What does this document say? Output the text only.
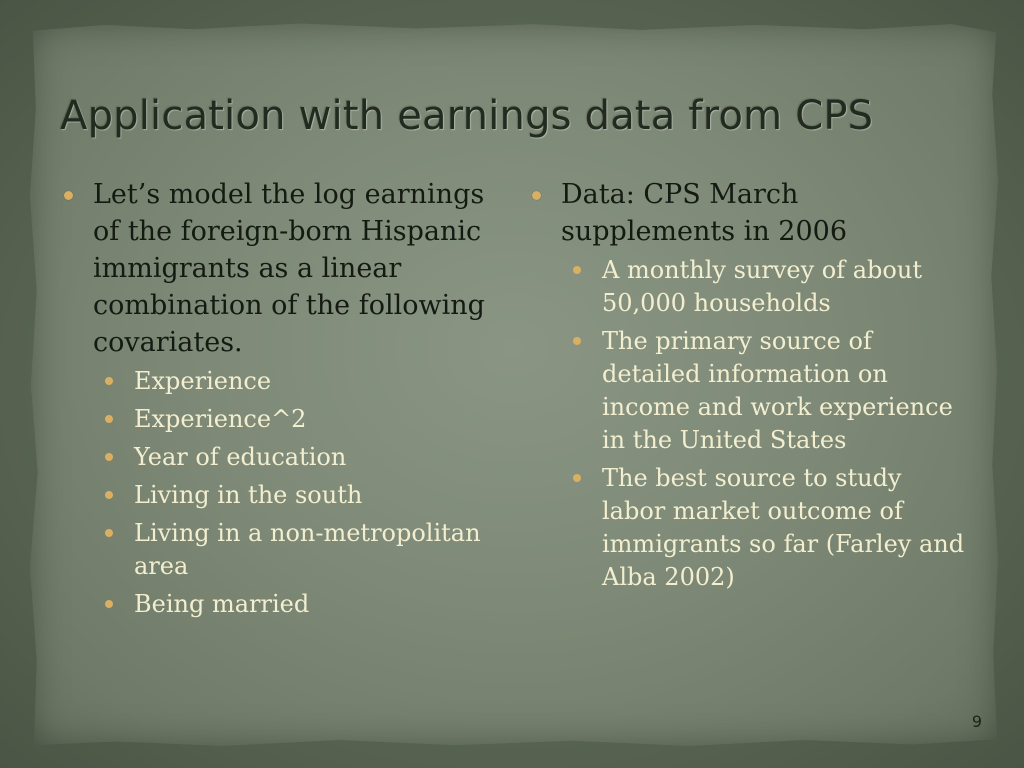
Application with earnings data from CPS
Let’s model the log earnings of the foreign-born Hispanic immigrants as a linear combination of the following covariates.
Experience
Experience^2
Year of education
Living in the south
Living in a non-metropolitan area
Being married
Data: CPS March supplements in 2006
A monthly survey of about 50,000 households
The primary source of detailed information on income and work experience in the United States
The best source to study labor market outcome of immigrants so far (Farley and Alba 2002)
9
